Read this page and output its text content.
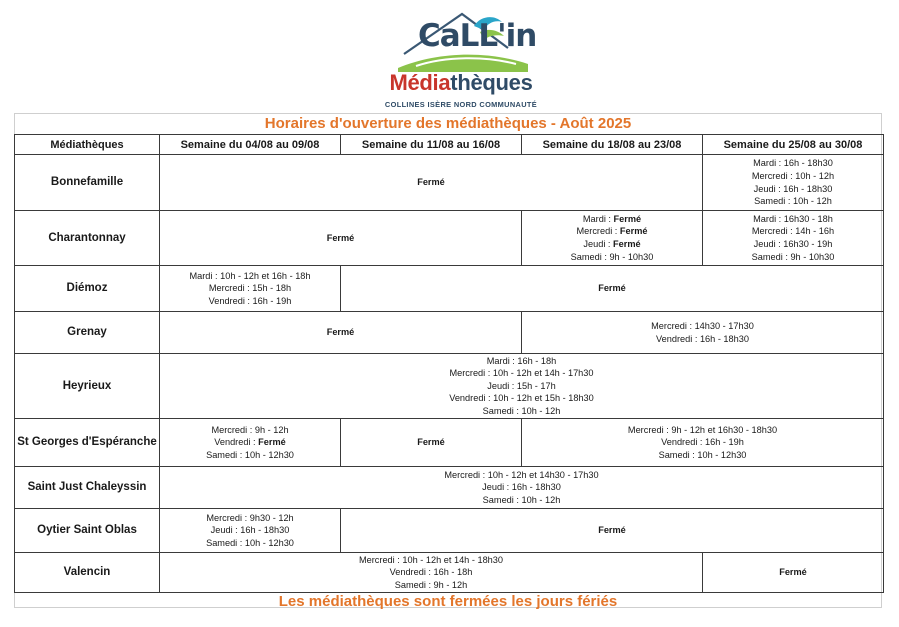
CaLL'in
Médiathèques
COLLINES ISÈRE NORD COMMUNAUTÉ
Horaires d'ouverture des médiathèques - Août 2025
Médiathèques	Semaine du 04/08 au 09/08	Semaine du 11/08 au 16/08	Semaine du 18/08 au 23/08	Semaine du 25/08 au 30/08
Bonnefamille	Fermé			Mardi : 16h - 18h30
Mercredi : 10h - 12h
Jeudi : 16h - 18h30
Samedi : 10h - 12h

Charantonnay	Fermé		Mardi : Fermé
Mercredi : Fermé
Jeudi : Fermé
Samedi : 9h - 10h30	Mardi : 16h30 - 18h
Mercredi : 14h - 16h
Jeudi : 16h30 - 19h
Samedi : 9h - 10h30

Diémoz	Mardi : 10h - 12h et 16h - 18h
Mercredi : 15h - 18h
Vendredi : 16h - 19h	Fermé		
Grenay	Fermé		Mercredi : 14h30 - 17h30
Vendredi : 16h - 18h30	

Heyrieux	Mardi : 16h - 18h
Mercredi : 10h - 12h et 14h - 17h30
Jeudi : 15h - 17h
Vendredi : 10h - 12h et 15h - 18h30
Samedi : 10h - 12h			

St Georges d'Espéranche	Mercredi : 9h - 12h
Vendredi : Fermé
Samedi : 10h - 12h30	Fermé	Mercredi : 9h - 12h et 16h30 - 18h30
Vendredi : 16h - 19h
Samedi : 10h - 12h30	

Saint Just Chaleyssin	Mercredi : 10h - 12h et 14h30 - 17h30
Jeudi : 16h - 18h30
Samedi : 10h - 12h			

Oytier Saint Oblas	Mercredi : 9h30 - 12h
Jeudi : 16h - 18h30
Samedi : 10h - 12h30	Fermé		
Valencin	Mercredi : 10h - 12h et 14h - 18h30
Vendredi : 16h - 18h
Samedi : 9h - 12h			Fermé
Les médiathèques sont fermées les jours fériés
